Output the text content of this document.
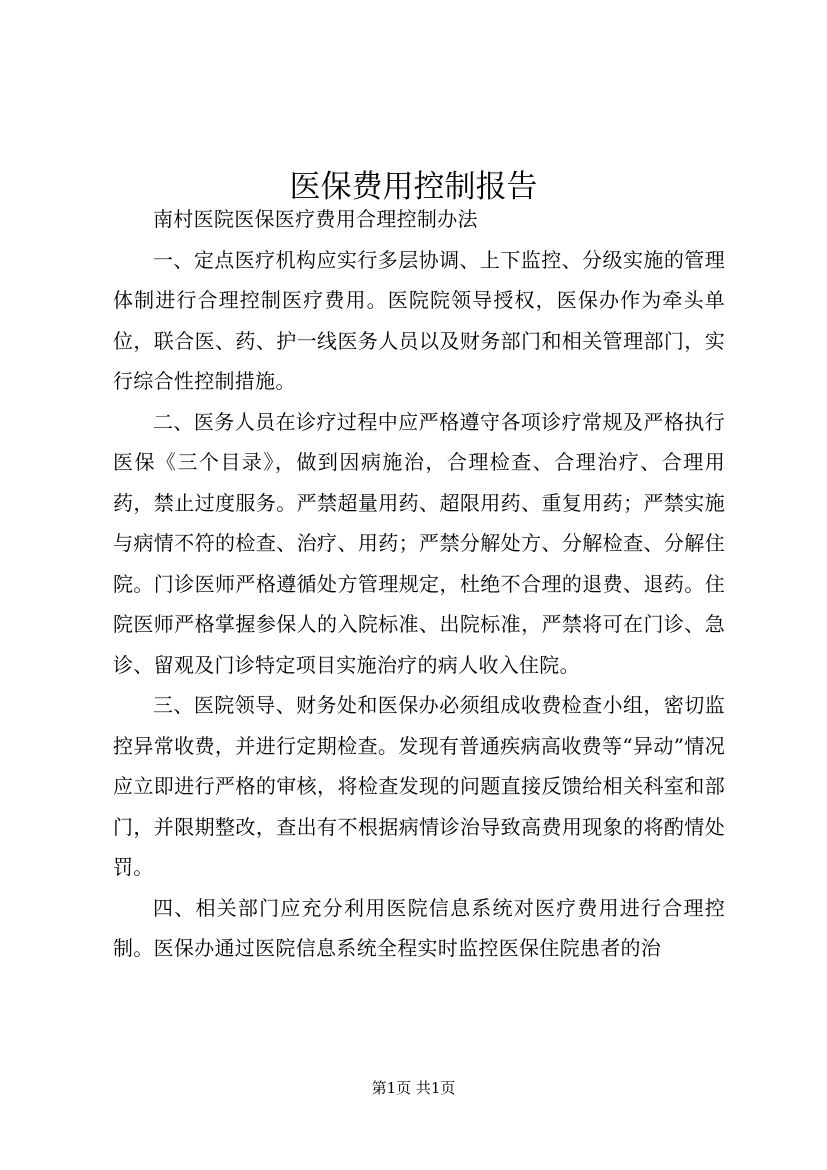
医保费用控制报告

南村医院医保医疗费用合理控制办法

一、定点医疗机构应实行多层协调、上下监控、分级实施的管理体制进行合理控制医疗费用。医院院领导授权，医保办作为牵头单位，联合医、药、护一线医务人员以及财务部门和相关管理部门，实行综合性控制措施。

二、医务人员在诊疗过程中应严格遵守各项诊疗常规及严格执行医保《三个目录》，做到因病施治，合理检查、合理治疗、合理用药，禁止过度服务。严禁超量用药、超限用药、重复用药；严禁实施与病情不符的检查、治疗、用药；严禁分解处方、分解检查、分解住院。门诊医师严格遵循处方管理规定，杜绝不合理的退费、退药。住院医师严格掌握参保人的入院标准、出院标准，严禁将可在门诊、急诊、留观及门诊特定项目实施治疗的病人收入住院。

三、医院领导、财务处和医保办必须组成收费检查小组，密切监控异常收费，并进行定期检查。发现有普通疾病高收费等“异动”情况应立即进行严格的审核，将检查发现的问题直接反馈给相关科室和部门，并限期整改，查出有不根据病情诊治导致高费用现象的将酌情处罚。

四、相关部门应充分利用医院信息系统对医疗费用进行合理控制。医保办通过医院信息系统全程实时监控医保住院患者的治

第1页 共1页
